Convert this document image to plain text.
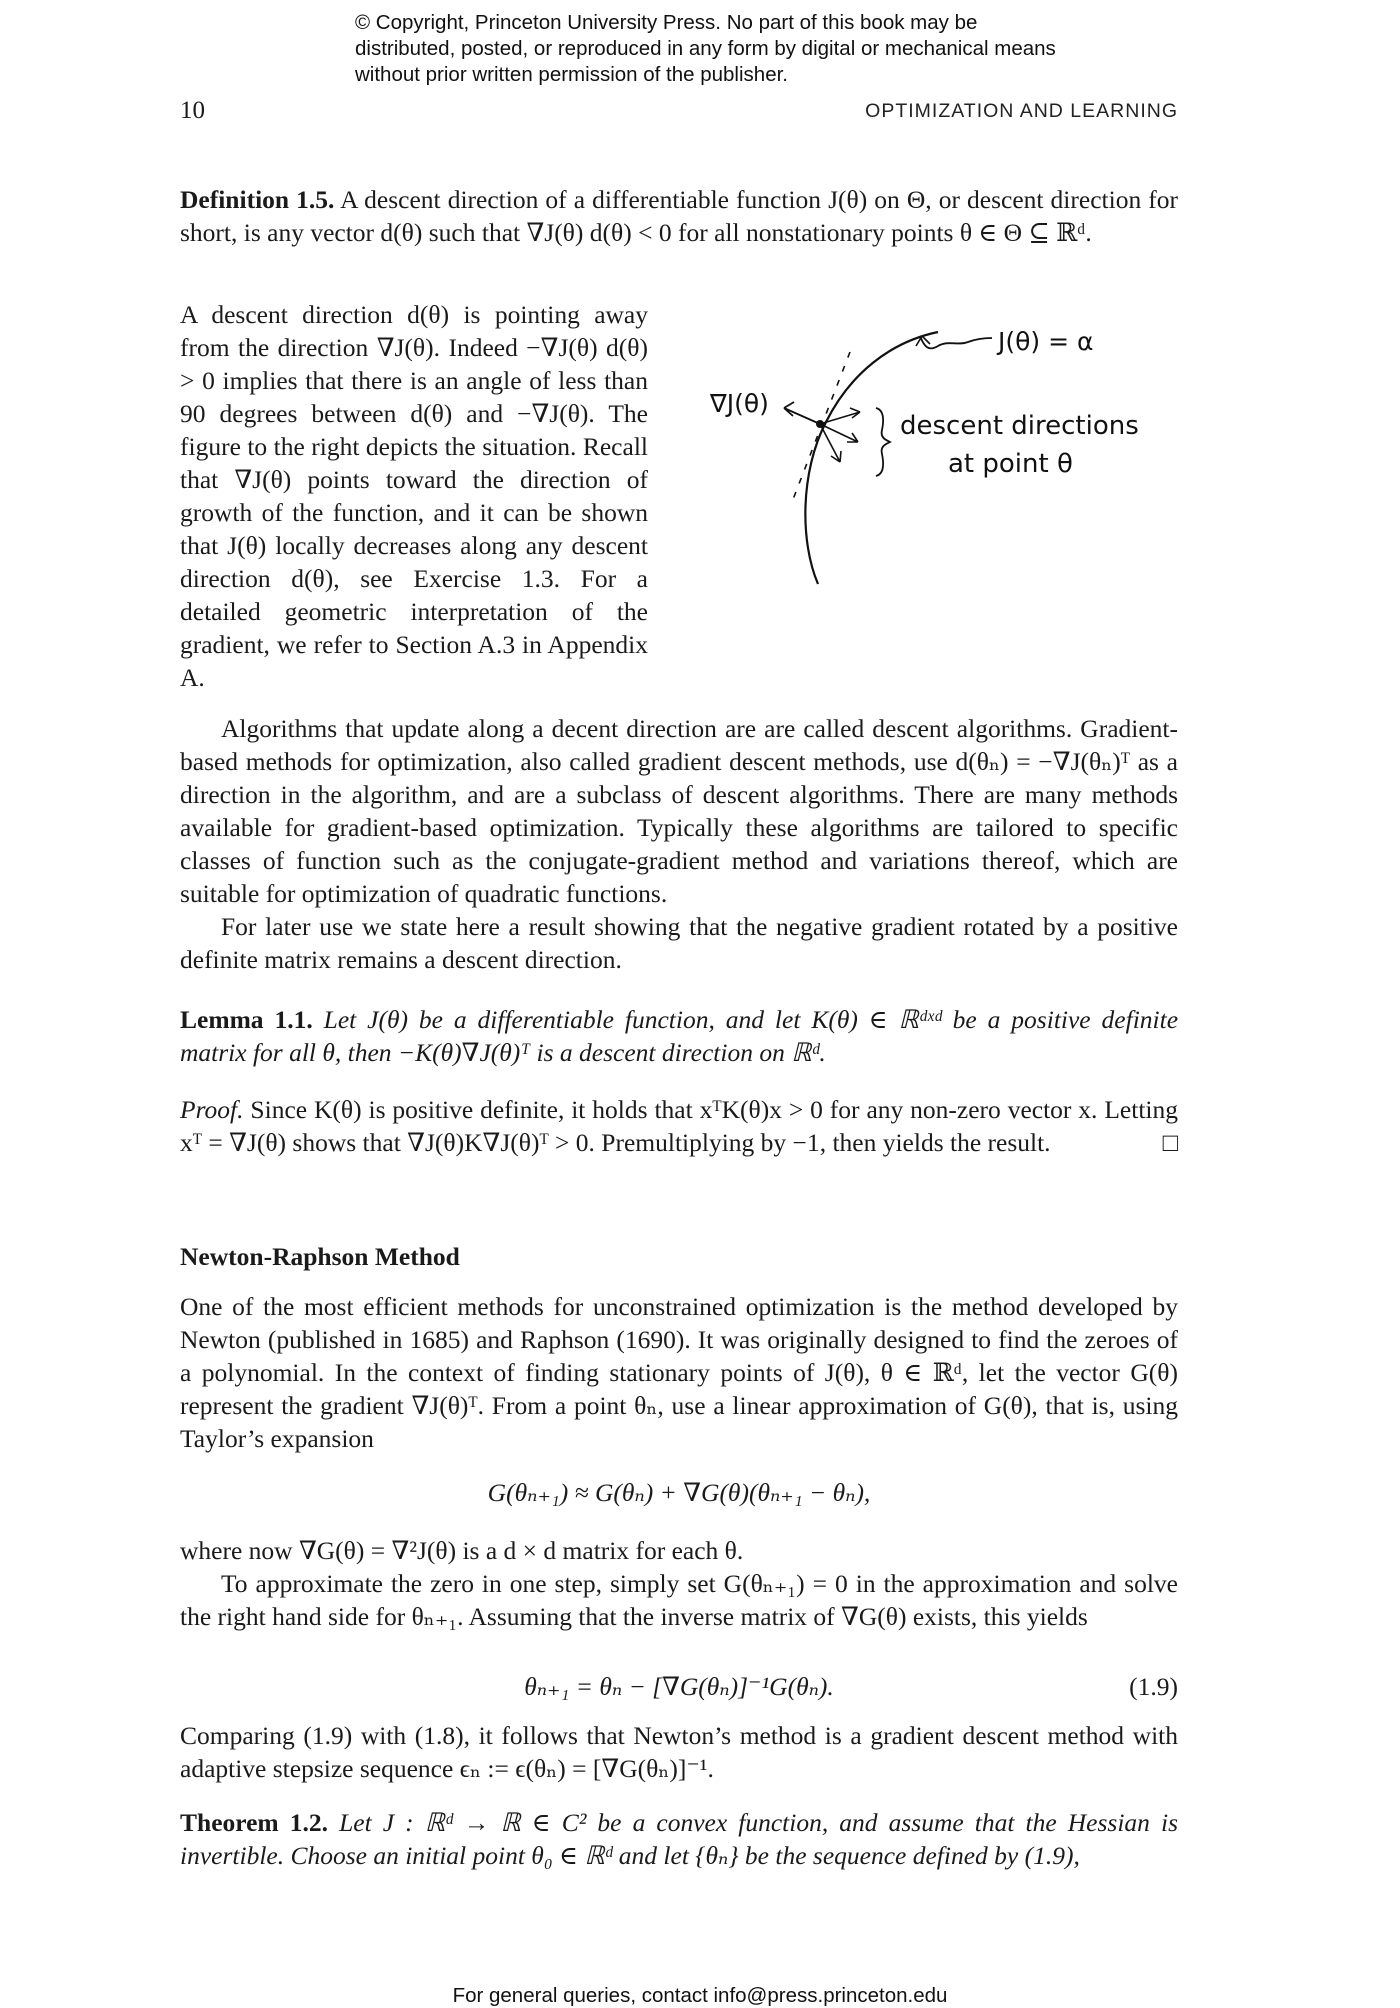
© Copyright, Princeton University Press. No part of this book may be distributed, posted, or reproduced in any form by digital or mechanical means without prior written permission of the publisher.
10	OPTIMIZATION AND LEARNING

Definition 1.5. A descent direction of a differentiable function J(θ) on Θ, or descent direction for short, is any vector d(θ) such that ∇J(θ) d(θ) < 0 for all nonstationary points θ ∈ Θ ⊆ ℝᵈ.

A descent direction d(θ) is pointing away from the direction ∇J(θ). Indeed −∇J(θ) d(θ) > 0 implies that there is an angle of less than 90 degrees between d(θ) and −∇J(θ). The figure to the right depicts the situation. Recall that ∇J(θ) points toward the direction of growth of the function, and it can be shown that J(θ) locally decreases along any descent direction d(θ), see Exercise 1.3. For a detailed geometric interpretation of the gradient, we refer to Section A.3 in Appendix A.

∇J(θ)
J(θ) = α
descent directions
at point θ

Algorithms that update along a decent direction are are called descent algorithms. Gradient-based methods for optimization, also called gradient descent methods, use d(θₙ) = −∇J(θₙ)ᵀ as a direction in the algorithm, and are a subclass of descent algorithms. There are many methods available for gradient-based optimization. Typically these algorithms are tailored to specific classes of function such as the conjugate-gradient method and variations thereof, which are suitable for optimization of quadratic functions.

For later use we state here a result showing that the negative gradient rotated by a positive definite matrix remains a descent direction.

Lemma 1.1. Let J(θ) be a differentiable function, and let K(θ) ∈ ℝᵈˣᵈ be a positive definite matrix for all θ, then −K(θ)∇J(θ)ᵀ is a descent direction on ℝᵈ.

Proof. Since K(θ) is positive definite, it holds that xᵀK(θ)x > 0 for any non-zero vector x. Letting xᵀ = ∇J(θ) shows that ∇J(θ)K∇J(θ)ᵀ > 0. Premultiplying by −1, then yields the result.	□

Newton-Raphson Method

One of the most efficient methods for unconstrained optimization is the method developed by Newton (published in 1685) and Raphson (1690). It was originally designed to find the zeroes of a polynomial. In the context of finding stationary points of J(θ), θ ∈ ℝᵈ, let the vector G(θ) represent the gradient ∇J(θ)ᵀ. From a point θₙ, use a linear approximation of G(θ), that is, using Taylor’s expansion

G(θₙ₊₁) ≈ G(θₙ) + ∇G(θ)(θₙ₊₁ − θₙ),

where now ∇G(θ) = ∇²J(θ) is a d × d matrix for each θ.

To approximate the zero in one step, simply set G(θₙ₊₁) = 0 in the approximation and solve the right hand side for θₙ₊₁. Assuming that the inverse matrix of ∇G(θ) exists, this yields

θₙ₊₁ = θₙ − [∇G(θₙ)]⁻¹G(θₙ).	(1.9)

Comparing (1.9) with (1.8), it follows that Newton’s method is a gradient descent method with adaptive stepsize sequence ϵₙ := ϵ(θₙ) = [∇G(θₙ)]⁻¹.

Theorem 1.2. Let J : ℝᵈ → ℝ ∈ C² be a convex function, and assume that the Hessian is invertible. Choose an initial point θ₀ ∈ ℝᵈ and let {θₙ} be the sequence defined by (1.9),

For general queries, contact info@press.princeton.edu
